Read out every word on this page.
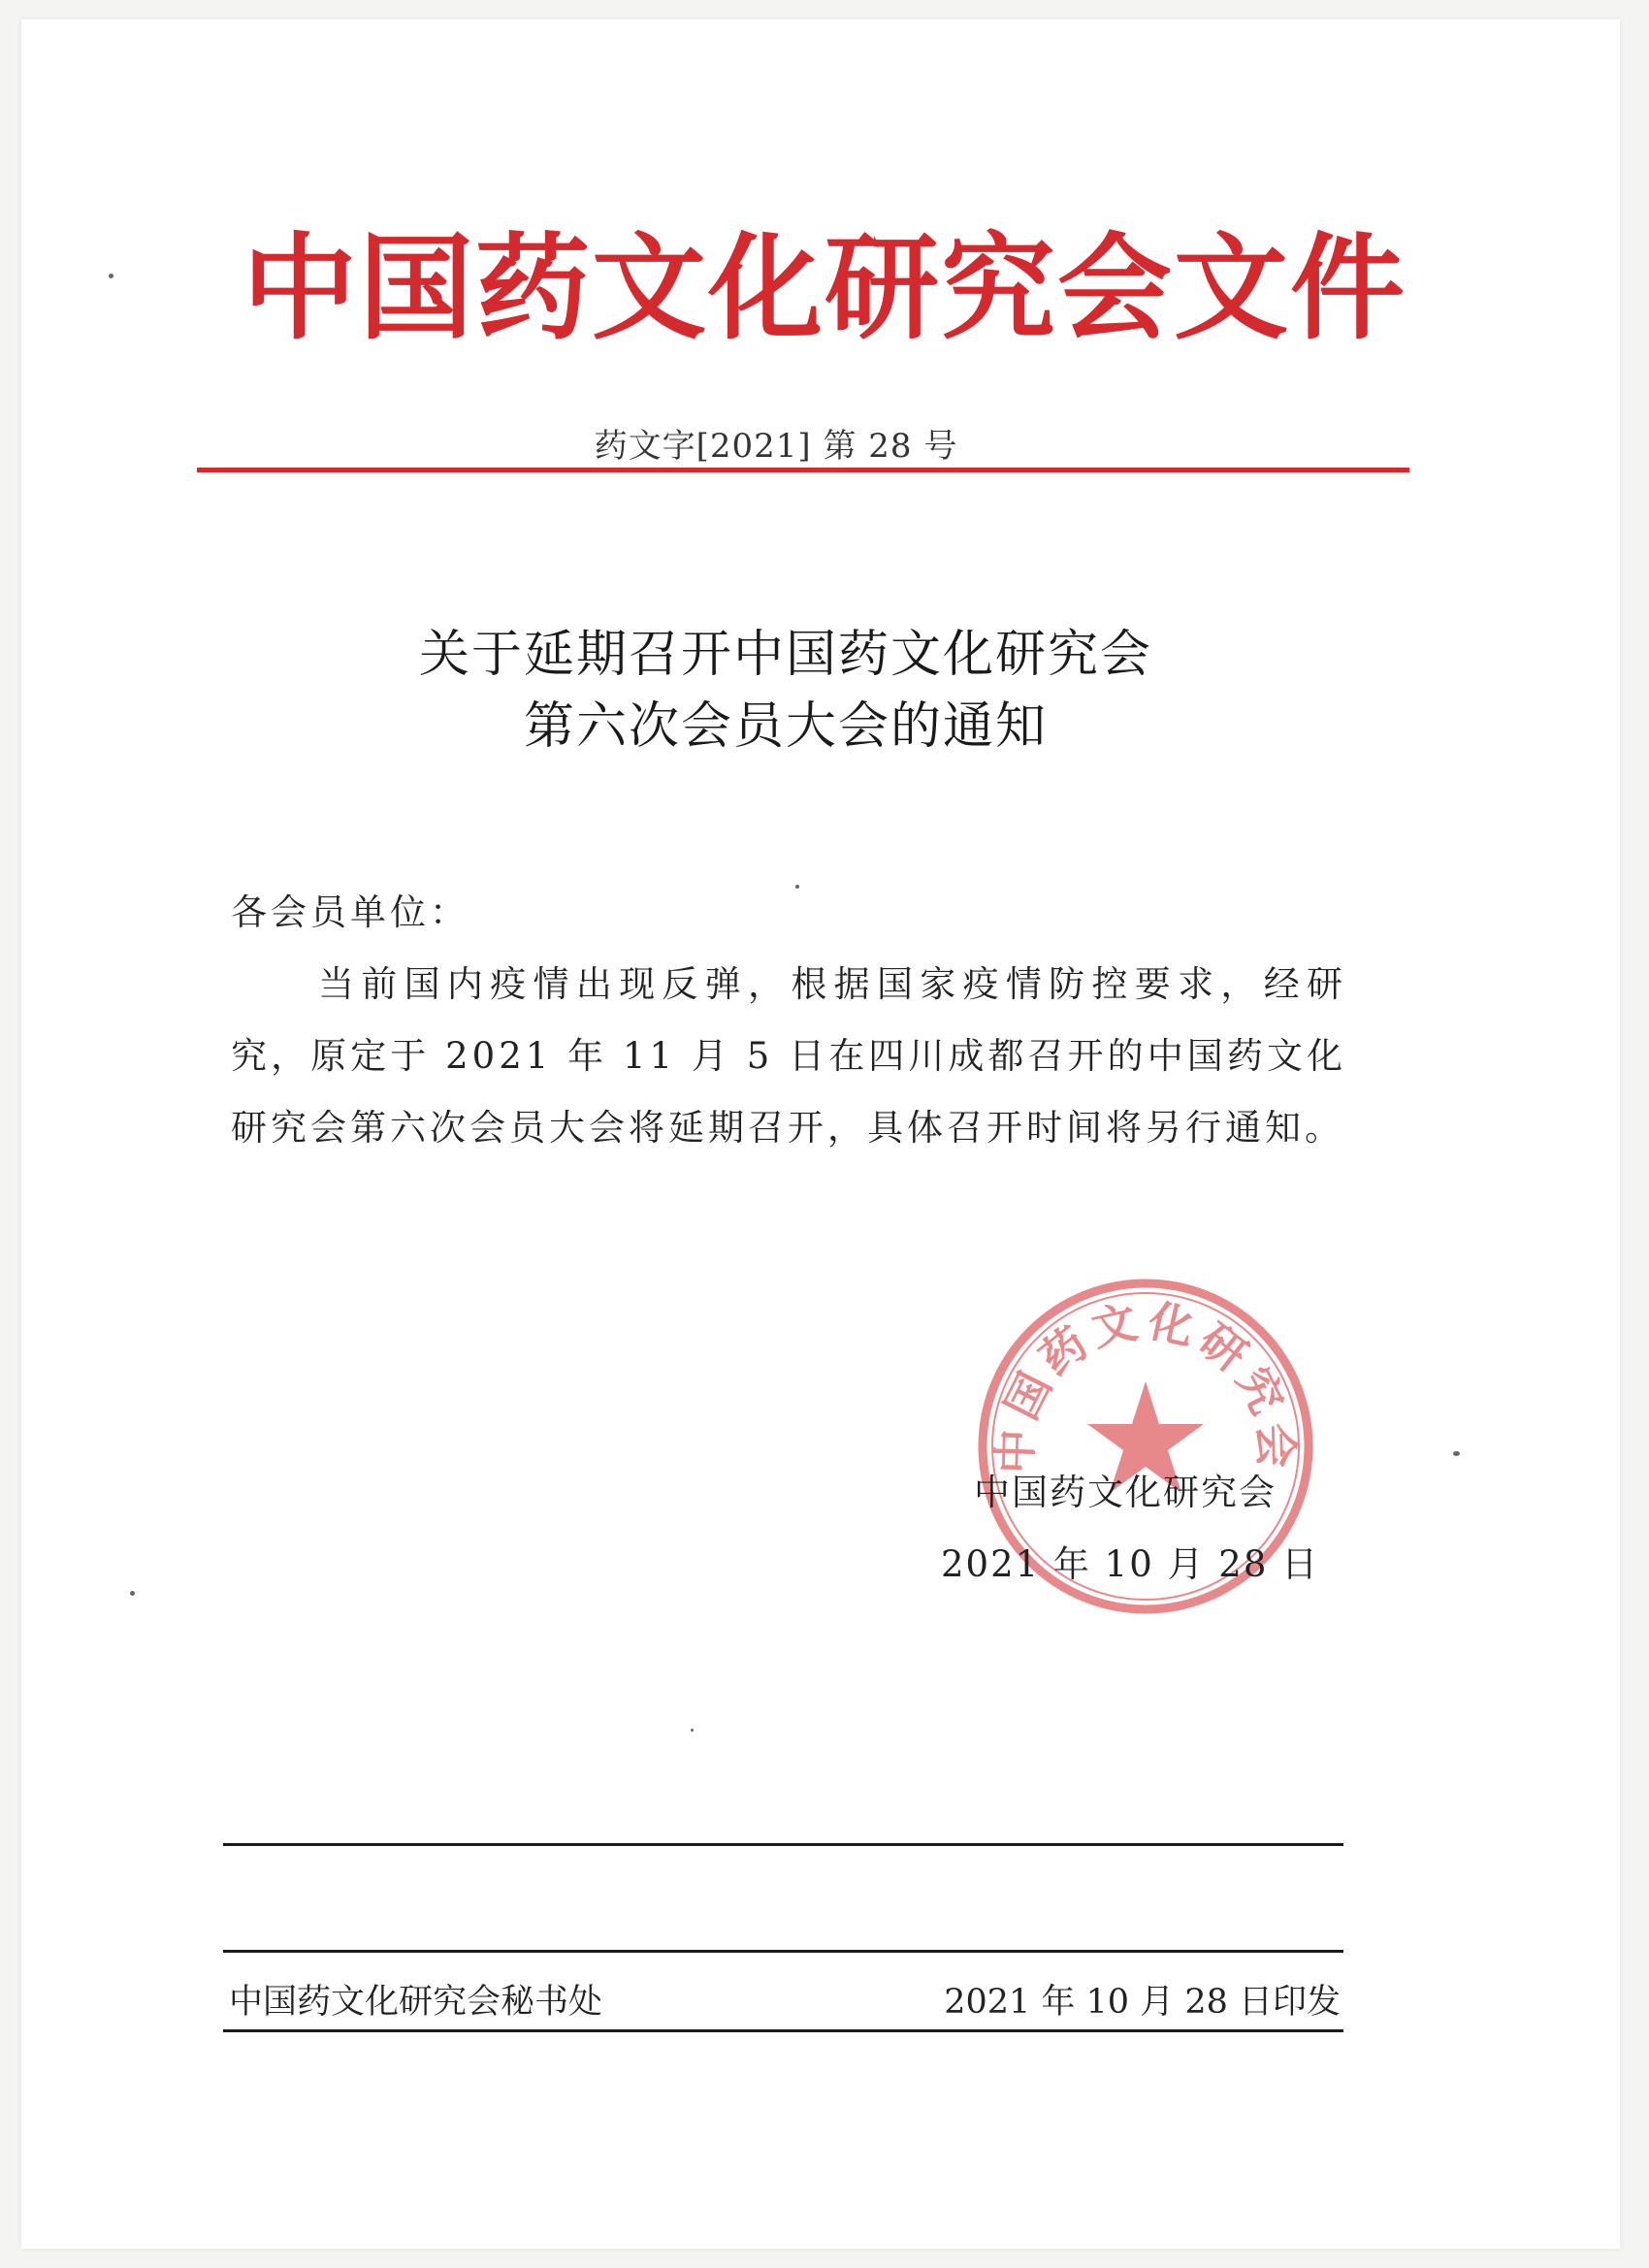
中国药文化研究会文件
药文字[2021] 第 28 号
关于延期召开中国药文化研究会
第六次会员大会的通知
各会员单位：
当前国内疫情出现反弹，根据国家疫情防控要求，经研究，原定于 2021 年 11 月 5 日在四川成都召开的中国药文化研究会第六次会员大会将延期召开，具体召开时间将另行通知。
中国药文化研究会
中国药文化研究会
2021 年 10 月 28 日
中国药文化研究会秘书处	2021 年 10 月 28 日印发
